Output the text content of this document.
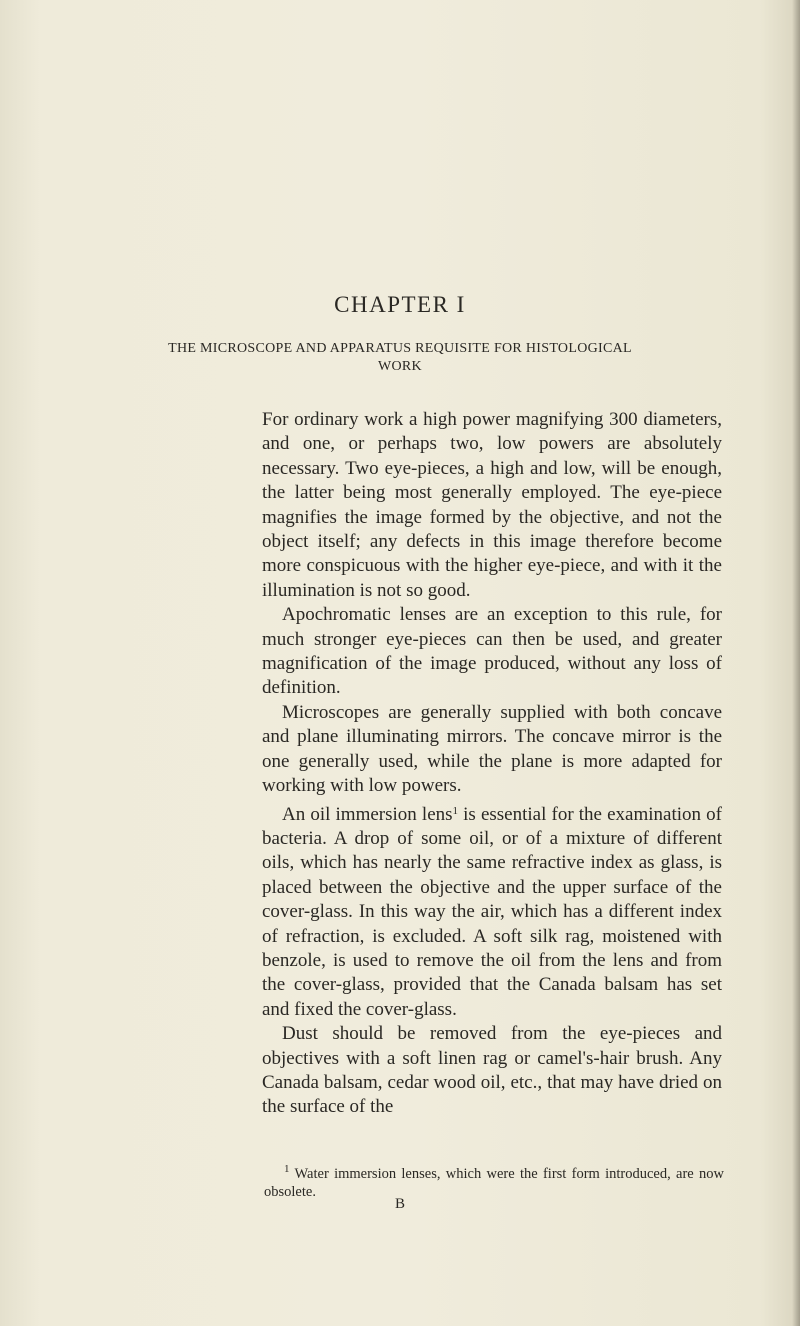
CHAPTER I
THE MICROSCOPE AND APPARATUS REQUISITE FOR HISTOLOGICAL
WORK

For ordinary work a high power magnifying 300 diameters, and one, or perhaps two, low powers are absolutely necessary. Two eye-pieces, a high and low, will be enough, the latter being most generally employed. The eye-piece magnifies the image formed by the objective, and not the object itself; any defects in this image therefore become more conspicuous with the higher eye-piece, and with it the illumination is not so good.

Apochromatic lenses are an exception to this rule, for much stronger eye-pieces can then be used, and greater magnification of the image produced, without any loss of definition.

Microscopes are generally supplied with both concave and plane illuminating mirrors. The concave mirror is the one generally used, while the plane is more adapted for working with low powers.

An oil immersion lens$^1$ is essential for the examination of bacteria. A drop of some oil, or of a mixture of different oils, which has nearly the same refractive index as glass, is placed between the objective and the upper surface of the cover-glass. In this way the air, which has a different index of refraction, is excluded. A soft silk rag, moistened with benzole, is used to remove the oil from the lens and from the cover-glass, provided that the Canada balsam has set and fixed the cover-glass.

Dust should be removed from the eye-pieces and objectives with a soft linen rag or camel's-hair brush. Any Canada balsam, cedar wood oil, etc., that may have dried on the surface of the

$^1$ Water immersion lenses, which were the first form introduced, are now obsolete.

B
